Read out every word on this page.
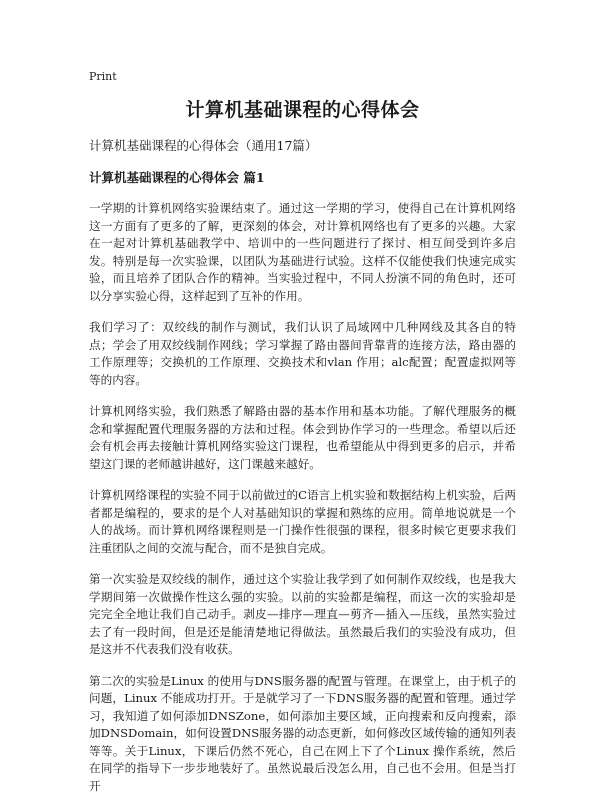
Print
计算机基础课程的心得体会
计算机基础课程的心得体会（通用17篇）
计算机基础课程的心得体会 篇1

一学期的计算机网络实验课结束了。通过这一学期的学习，使得自己在计算机网络这一方面有了更多的了解，更深刻的体会，对计算机网络也有了更多的兴趣。大家在一起对计算机基础教学中、培训中的一些问题进行了探讨、相互间受到许多启发。特别是每一次实验课，以团队为基础进行试验。这样不仅能使我们快速完成实验，而且培养了团队合作的精神。当实验过程中，不同人扮演不同的角色时，还可以分享实验心得，这样起到了互补的作用。

我们学习了：双绞线的制作与测试，我们认识了局域网中几种网线及其各自的特点；学会了用双绞线制作网线；学习掌握了路由器间背靠背的连接方法，路由器的工作原理等；交换机的工作原理、交换技术和vlan 作用；alc配置；配置虚拟网等等的内容。

计算机网络实验，我们熟悉了解路由器的基本作用和基本功能。了解代理服务的概念和掌握配置代理服务器的方法和过程。体会到协作学习的一些理念。希望以后还会有机会再去接触计算机网络实验这门课程，也希望能从中得到更多的启示，并希望这门课的老师越讲越好，这门课越来越好。

计算机网络课程的实验不同于以前做过的C语言上机实验和数据结构上机实验，后两者都是编程的，要求的是个人对基础知识的掌握和熟练的应用。简单地说就是一个人的战场。而计算机网络课程则是一门操作性很强的课程，很多时候它更要求我们注重团队之间的交流与配合，而不是独自完成。

第一次实验是双绞线的制作，通过这个实验让我学到了如何制作双绞线，也是我大学期间第一次做操作性这么强的实验。以前的实验都是编程，而这一次的实验却是完完全全地让我们自己动手。剥皮—排序—理直—剪齐—插入—压线，虽然实验过去了有一段时间，但是还是能清楚地记得做法。虽然最后我们的实验没有成功，但是这并不代表我们没有收获。

第二次的实验是Linux 的使用与DNS服务器的配置与管理。在课堂上，由于机子的问题，Linux 不能成功打开。于是就学习了一下DNS服务器的配置和管理。通过学习，我知道了如何添加DNSZone，如何添加主要区域，正向搜索和反向搜索，添加DNSDomain，如何设置DNS服务器的动态更新，如何修改区域传输的通知列表等等。关于Linux，下课后仍然不死心，自己在网上下了个Linux 操作系统，然后在同学的指导下一步步地装好了。虽然说最后没怎么用，自己也不会用。但是当打开
